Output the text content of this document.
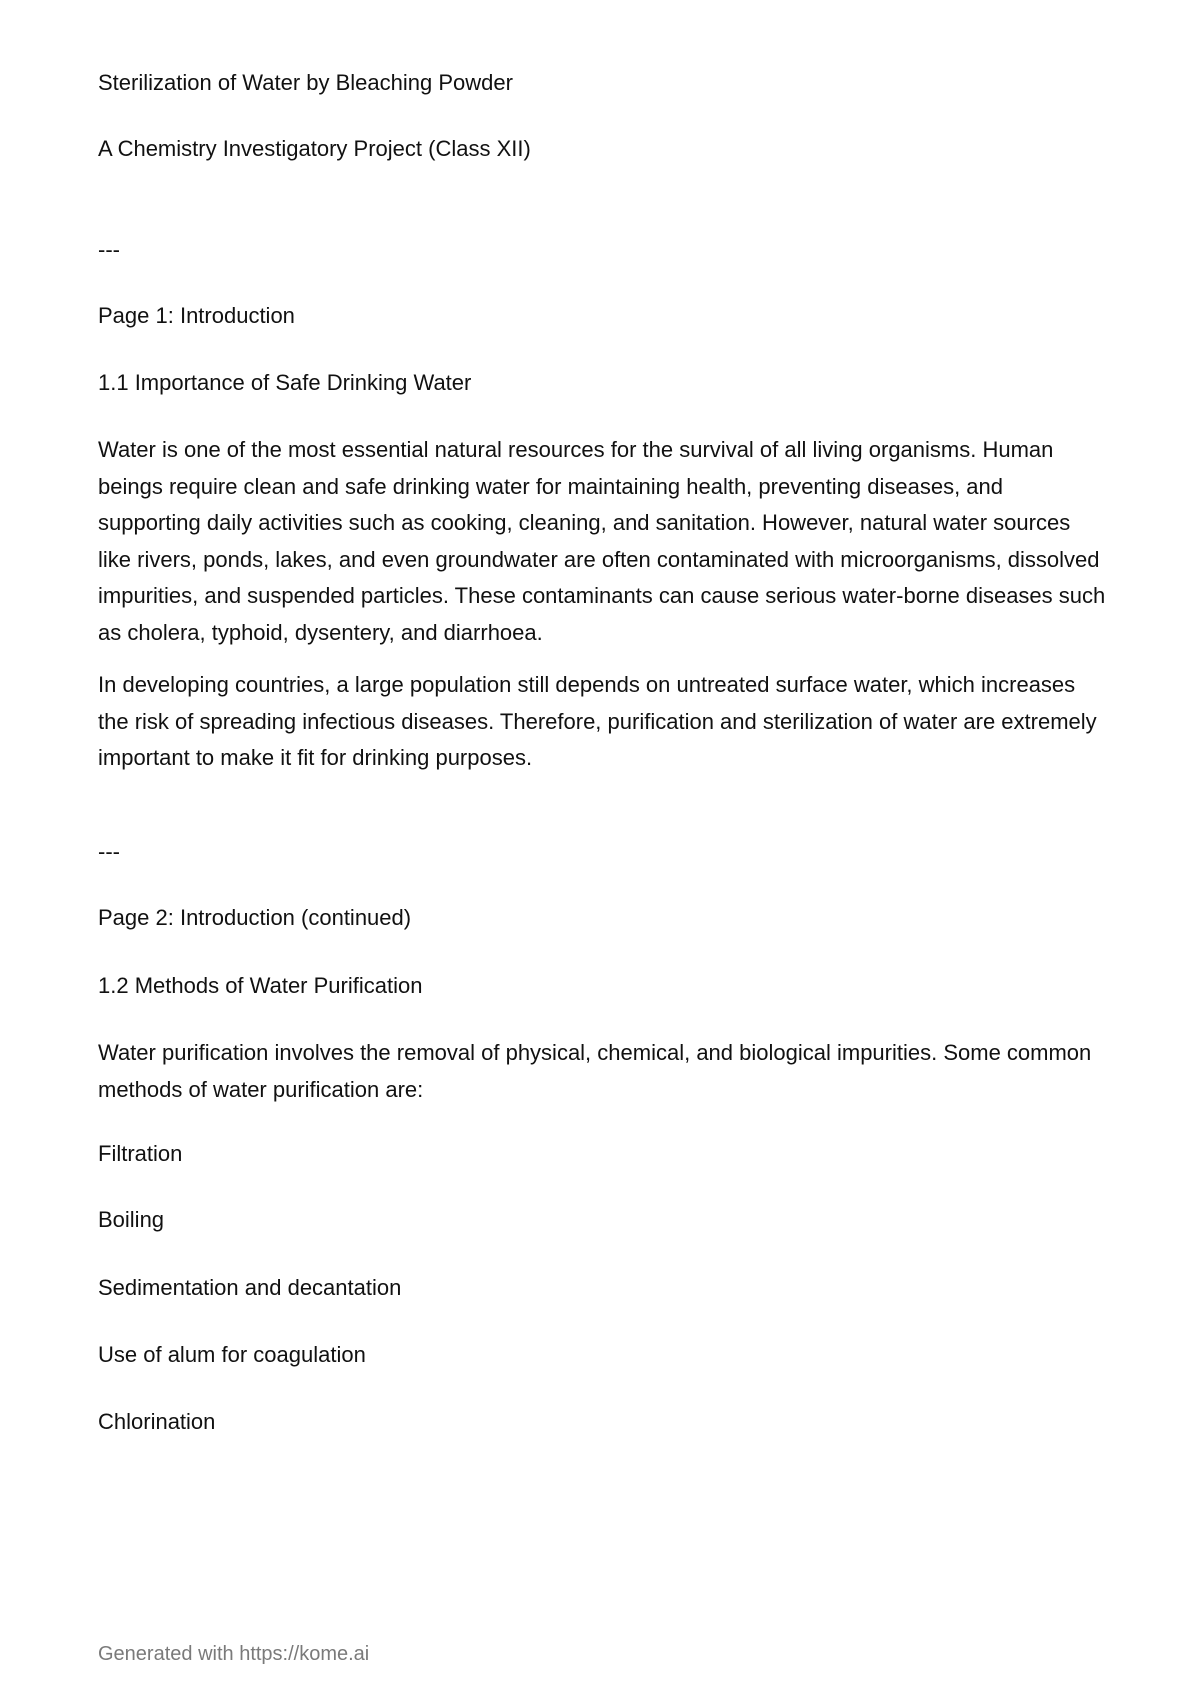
Sterilization of Water by Bleaching Powder

A Chemistry Investigatory Project (Class XII)

---

Page 1: Introduction

1.1 Importance of Safe Drinking Water

Water is one of the most essential natural resources for the survival of all living organisms. Human beings require clean and safe drinking water for maintaining health, preventing diseases, and supporting daily activities such as cooking, cleaning, and sanitation. However, natural water sources like rivers, ponds, lakes, and even groundwater are often contaminated with microorganisms, dissolved impurities, and suspended particles. These contaminants can cause serious water-borne diseases such as cholera, typhoid, dysentery, and diarrhoea.

In developing countries, a large population still depends on untreated surface water, which increases the risk of spreading infectious diseases. Therefore, purification and sterilization of water are extremely important to make it fit for drinking purposes.

---

Page 2: Introduction (continued)

1.2 Methods of Water Purification

Water purification involves the removal of physical, chemical, and biological impurities. Some common methods of water purification are:

Filtration

Boiling

Sedimentation and decantation

Use of alum for coagulation

Chlorination

Generated with https://kome.ai
